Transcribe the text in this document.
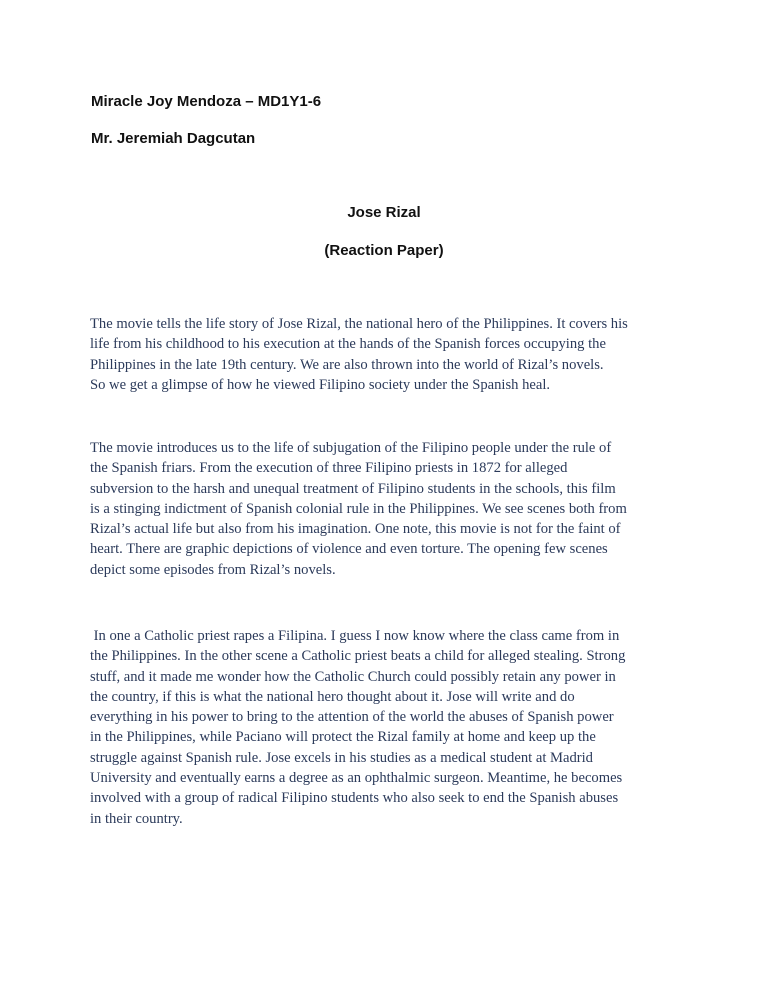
Miracle Joy Mendoza – MD1Y1-6
Mr. Jeremiah Dagcutan
Jose Rizal
(Reaction Paper)
The movie tells the life story of Jose Rizal, the national hero of the Philippines. It covers his
life from his childhood to his execution at the hands of the Spanish forces occupying the
Philippines in the late 19th century. We are also thrown into the world of Rizal’s novels.
So we get a glimpse of how he viewed Filipino society under the Spanish heal.
The movie introduces us to the life of subjugation of the Filipino people under the rule of
the Spanish friars. From the execution of three Filipino priests in 1872 for alleged
subversion to the harsh and unequal treatment of Filipino students in the schools, this film
is a stinging indictment of Spanish colonial rule in the Philippines. We see scenes both from
Rizal’s actual life but also from his imagination. One note, this movie is not for the faint of
heart. There are graphic depictions of violence and even torture. The opening few scenes
depict some episodes from Rizal’s novels.
In one a Catholic priest rapes a Filipina. I guess I now know where the class came from in
the Philippines. In the other scene a Catholic priest beats a child for alleged stealing. Strong
stuff, and it made me wonder how the Catholic Church could possibly retain any power in
the country, if this is what the national hero thought about it. Jose will write and do
everything in his power to bring to the attention of the world the abuses of Spanish power
in the Philippines, while Paciano will protect the Rizal family at home and keep up the
struggle against Spanish rule. Jose excels in his studies as a medical student at Madrid
University and eventually earns a degree as an ophthalmic surgeon. Meantime, he becomes
involved with a group of radical Filipino students who also seek to end the Spanish abuses
in their country.
